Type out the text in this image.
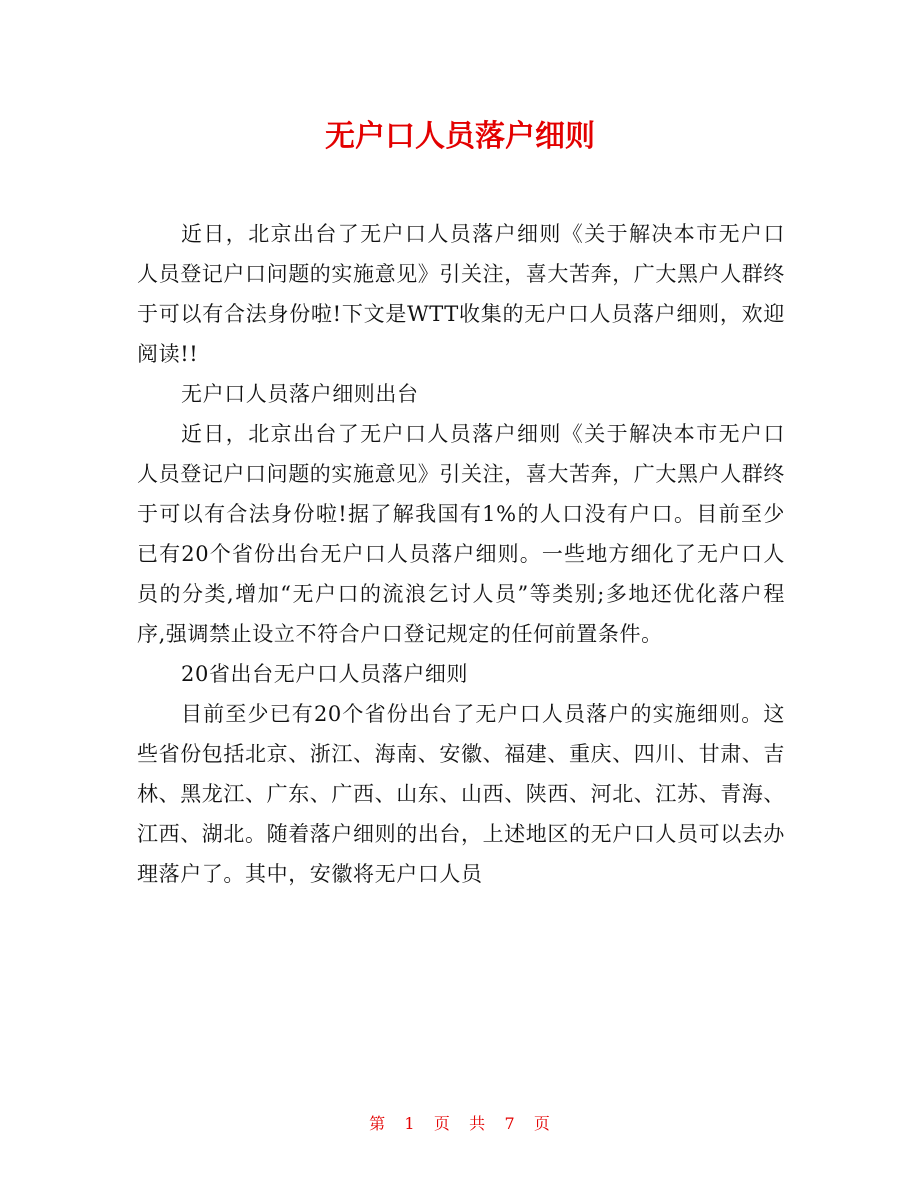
无户口人员落户细则

近日，北京出台了无户口人员落户细则《关于解决本市无户口人员登记户口问题的实施意见》引关注，喜大苦奔，广大黑户人群终于可以有合法身份啦!下文是WTT收集的无户口人员落户细则，欢迎阅读!!

无户口人员落户细则出台

近日，北京出台了无户口人员落户细则《关于解决本市无户口人员登记户口问题的实施意见》引关注，喜大苦奔，广大黑户人群终于可以有合法身份啦!据了解我国有1%的人口没有户口。目前至少已有20个省份出台无户口人员落户细则。一些地方细化了无户口人员的分类,增加“无户口的流浪乞讨人员”等类别;多地还优化落户程序,强调禁止设立不符合户口登记规定的任何前置条件。

20省出台无户口人员落户细则

目前至少已有20个省份出台了无户口人员落户的实施细则。这些省份包括北京、浙江、海南、安徽、福建、重庆、四川、甘肃、吉林、黑龙江、广东、广西、山东、山西、陕西、河北、江苏、青海、江西、湖北。随着落户细则的出台，上述地区的无户口人员可以去办理落户了。其中，安徽将无户口人员

第 1 页 共 7 页
